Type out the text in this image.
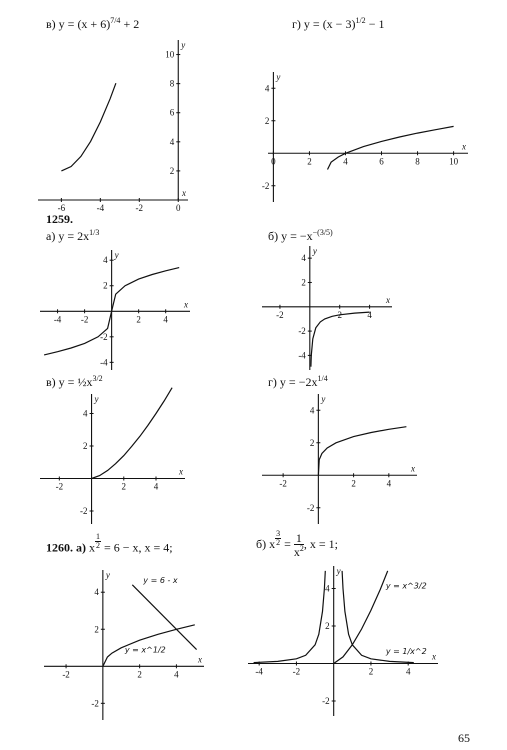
в) $y = (x + 6)^{7/4} + 2$	г) $y = (x - 3)^{1/2} - 1$
x
y
-6	-4	-2	0
2
4
6
8
10
x
y
0	2	4	6	8	10
4
2
-2
1259.
а) $y = 2x^{1/3}$	б) $y = -x^{-(3/5)}$
x
y
-4 -2	2	4
4
2
-2
-4
x
y
-2	2	4
4
2
-2
-4
в) $y = \frac{1}{2}x^{3/2}$	г) $y = -2x^{1/4}$
x
y
-2	2	4
4
2
-2
x
y
-2	2	4
4
2
-2
1260. а) x $\frac{1}{2} = 6 - x$, x = 4;	б) x $\frac{3}{2} = \frac{1}{x^2}$ , x = 1;
x
y
-2	2	4
4
2
-2
y = 6 - x
y = x^1/2
x
y
-4	-2	2	4
4
2
-2
y = x^3/2
y = 1/x^2
65
